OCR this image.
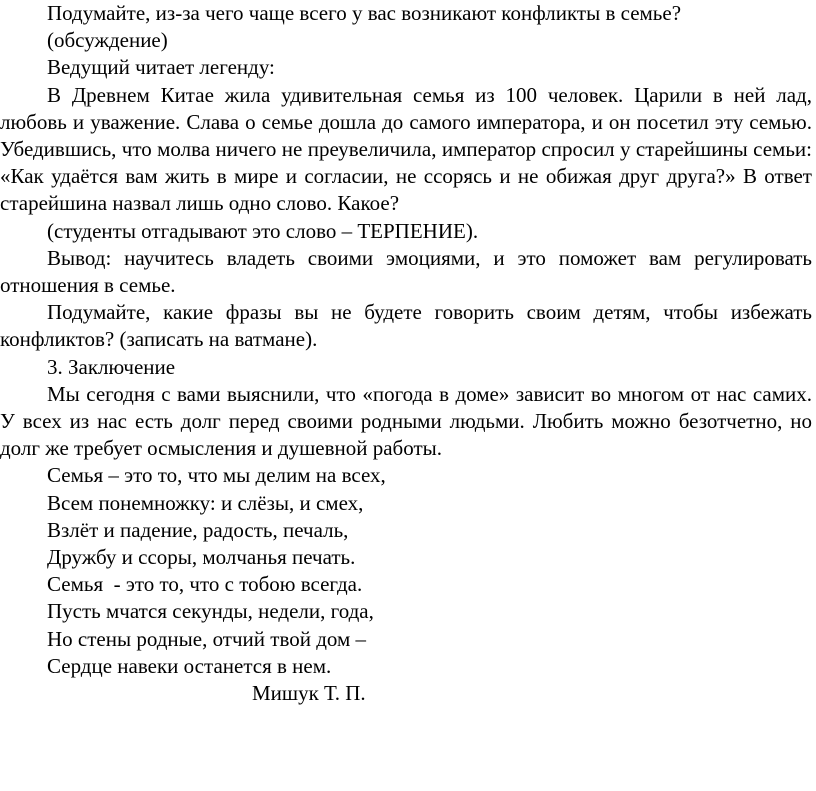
Подумайте, из-за чего чаще всего у вас возникают конфликты в семье?

(обсуждение)

Ведущий читает легенду:

В Древнем Китае жила удивительная семья из 100 человек. Царили в ней лад, любовь и уважение. Слава о семье дошла до самого императора, и он посетил эту семью. Убедившись, что молва ничего не преувеличила, император спросил у старейшины семьи: «Как удаётся вам жить в мире и согласии, не ссорясь и не обижая друг друга?» В ответ старейшина назвал лишь одно слово. Какое?

(студенты отгадывают это слово – ТЕРПЕНИЕ).

Вывод: научитесь владеть своими эмоциями, и это поможет вам регулировать отношения в семье.

Подумайте, какие фразы вы не будете говорить своим детям, чтобы избежать конфликтов? (записать на ватмане).

3. Заключение

Мы сегодня с вами выяснили, что «погода в доме» зависит во многом от нас самих. У всех из нас есть долг перед своими родными людьми. Любить можно безотчетно, но долг же требует осмысления и душевной работы.

Семья – это то, что мы делим на всех,
Всем понемножку: и слёзы, и смех,
Взлёт и падение, радость, печаль,
Дружбу и ссоры, молчанья печать.
Семья  - это то, что с тобою всегда.
Пусть мчатся секунды, недели, года,
Но стены родные, отчий твой дом –
Сердце навеки останется в нем.

Мишук Т. П.
